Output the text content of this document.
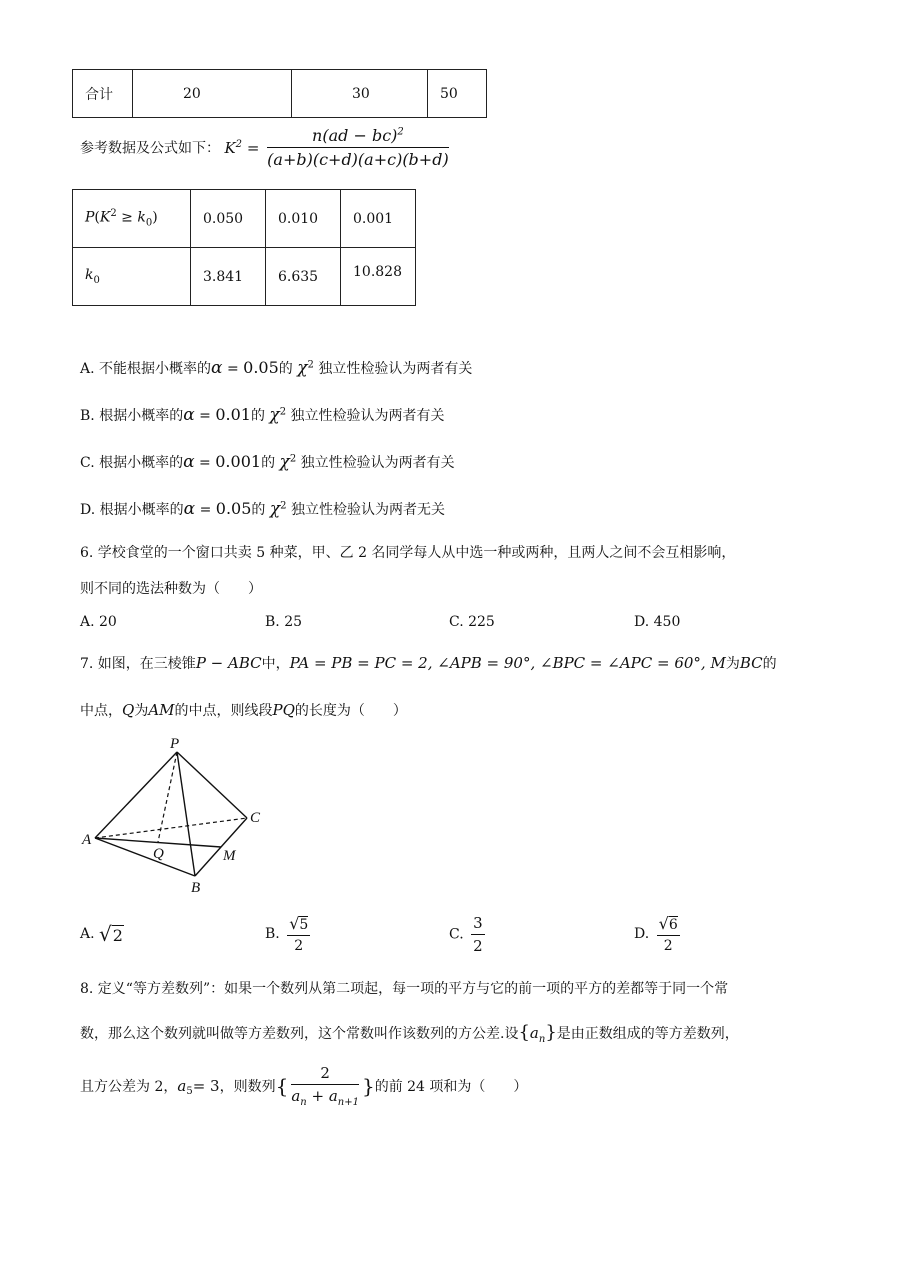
合计	20	30	50
参考数据及公式如下： $K^2 = \frac{n(ad - bc)^2}{(a+b)(c+d)(a+c)(b+d)}$
$P(K^2 \ge k_0)$	0.050	0.010	0.001
$k_0$	3.841	6.635	10.828
A. 不能根据小概率的α = 0.05的 $\chi^2$ 独立性检验认为两者有关
B. 根据小概率的α = 0.01的 $\chi^2$ 独立性检验认为两者有关
C. 根据小概率的α = 0.001的 $\chi^2$ 独立性检验认为两者有关
D. 根据小概率的α = 0.05的 $\chi^2$ 独立性检验认为两者无关
6. 学校食堂的一个窗口共卖 5 种菜，甲、乙 2 名同学每人从中选一种或两种，且两人之间不会互相影响，
则不同的选法种数为（　　）
A. 20	B. 25	C. 225	D. 450
7. 如图，在三棱锥P − ABC中，PA = PB = PC = 2, ∠APB = 90°, ∠BPC = ∠APC = 60°, M为BC的
中点，Q为AM的中点，则线段PQ的长度为（　　）
P
A
B
C
M
Q
A. √2	B. $\frac{√5}{2}$	C. $\frac{3}{2}$	D. $\frac{√6}{2}$
8. 定义“等方差数列”：如果一个数列从第二项起，每一项的平方与它的前一项的平方的差都等于同一个常
数，那么这个数列就叫做等方差数列，这个常数叫作该数列的方公差.设$\{a_n\}$是由正数组成的等方差数列，
且方公差为 2，$a_5= 3$，则数列{ $\frac{2}{a_n + a_{n+1}}$ }的前 24 项和为（　　）
